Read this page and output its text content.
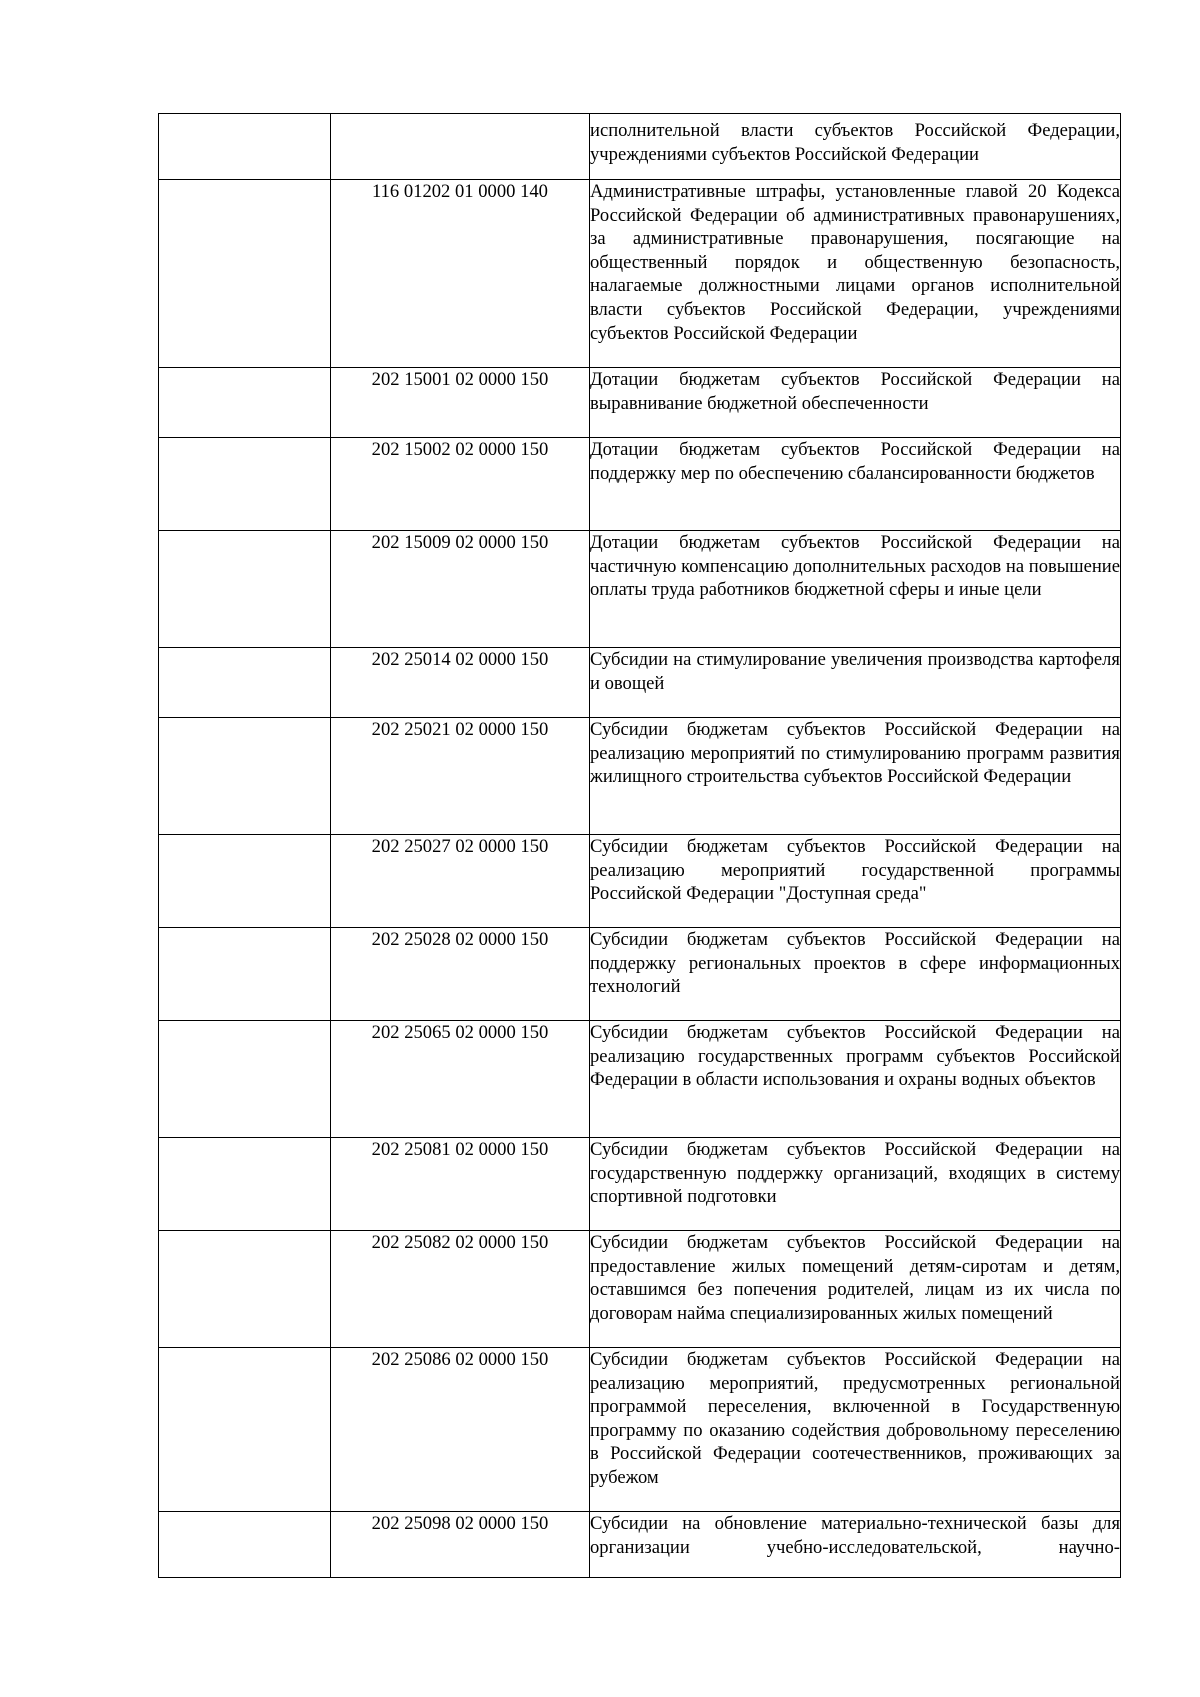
		исполнительной власти субъектов Российской Федерации, учреждениями субъектов Российской Федерации
	116 01202 01 0000 140	Административные штрафы, установленные главой 20 Кодекса Российской Федерации об административных правонарушениях, за административные правонарушения, посягающие на общественный порядок и общественную безопасность, налагаемые должностными лицами органов исполнительной власти субъектов Российской Федерации, учреждениями субъектов Российской Федерации
	202 15001 02 0000 150	Дотации бюджетам субъектов Российской Федерации на выравнивание бюджетной обеспеченности
	202 15002 02 0000 150	Дотации бюджетам субъектов Российской Федерации на поддержку мер по обеспечению сбалансированности бюджетов
	202 15009 02 0000 150	Дотации бюджетам субъектов Российской Федерации на частичную компенсацию дополнительных расходов на повышение оплаты труда работников бюджетной сферы и иные цели
	202 25014 02 0000 150	Субсидии на стимулирование увеличения производства картофеля и овощей
	202 25021 02 0000 150	Субсидии бюджетам субъектов Российской Федерации на реализацию мероприятий по стимулированию программ развития жилищного строительства субъектов Российской Федерации
	202 25027 02 0000 150	Субсидии бюджетам субъектов Российской Федерации на реализацию мероприятий государственной программы Российской Федерации "Доступная среда"
	202 25028 02 0000 150	Субсидии бюджетам субъектов Российской Федерации на поддержку региональных проектов в сфере информационных технологий
	202 25065 02 0000 150	Субсидии бюджетам субъектов Российской Федерации на реализацию государственных программ субъектов Российской Федерации в области использования и охраны водных объектов
	202 25081 02 0000 150	Субсидии бюджетам субъектов Российской Федерации на государственную поддержку организаций, входящих в систему спортивной подготовки
	202 25082 02 0000 150	Субсидии бюджетам субъектов Российской Федерации на предоставление жилых помещений детям-сиротам и детям, оставшимся без попечения родителей, лицам из их числа по договорам найма специализированных жилых помещений
	202 25086 02 0000 150	Субсидии бюджетам субъектов Российской Федерации на реализацию мероприятий, предусмотренных региональной программой переселения, включенной в Государственную программу по оказанию содействия добровольному переселению в Российской Федерации соотечественников, проживающих за рубежом
	202 25098 02 0000 150	Субсидии на обновление материально-технической базы для организации учебно-исследовательской, научно-
